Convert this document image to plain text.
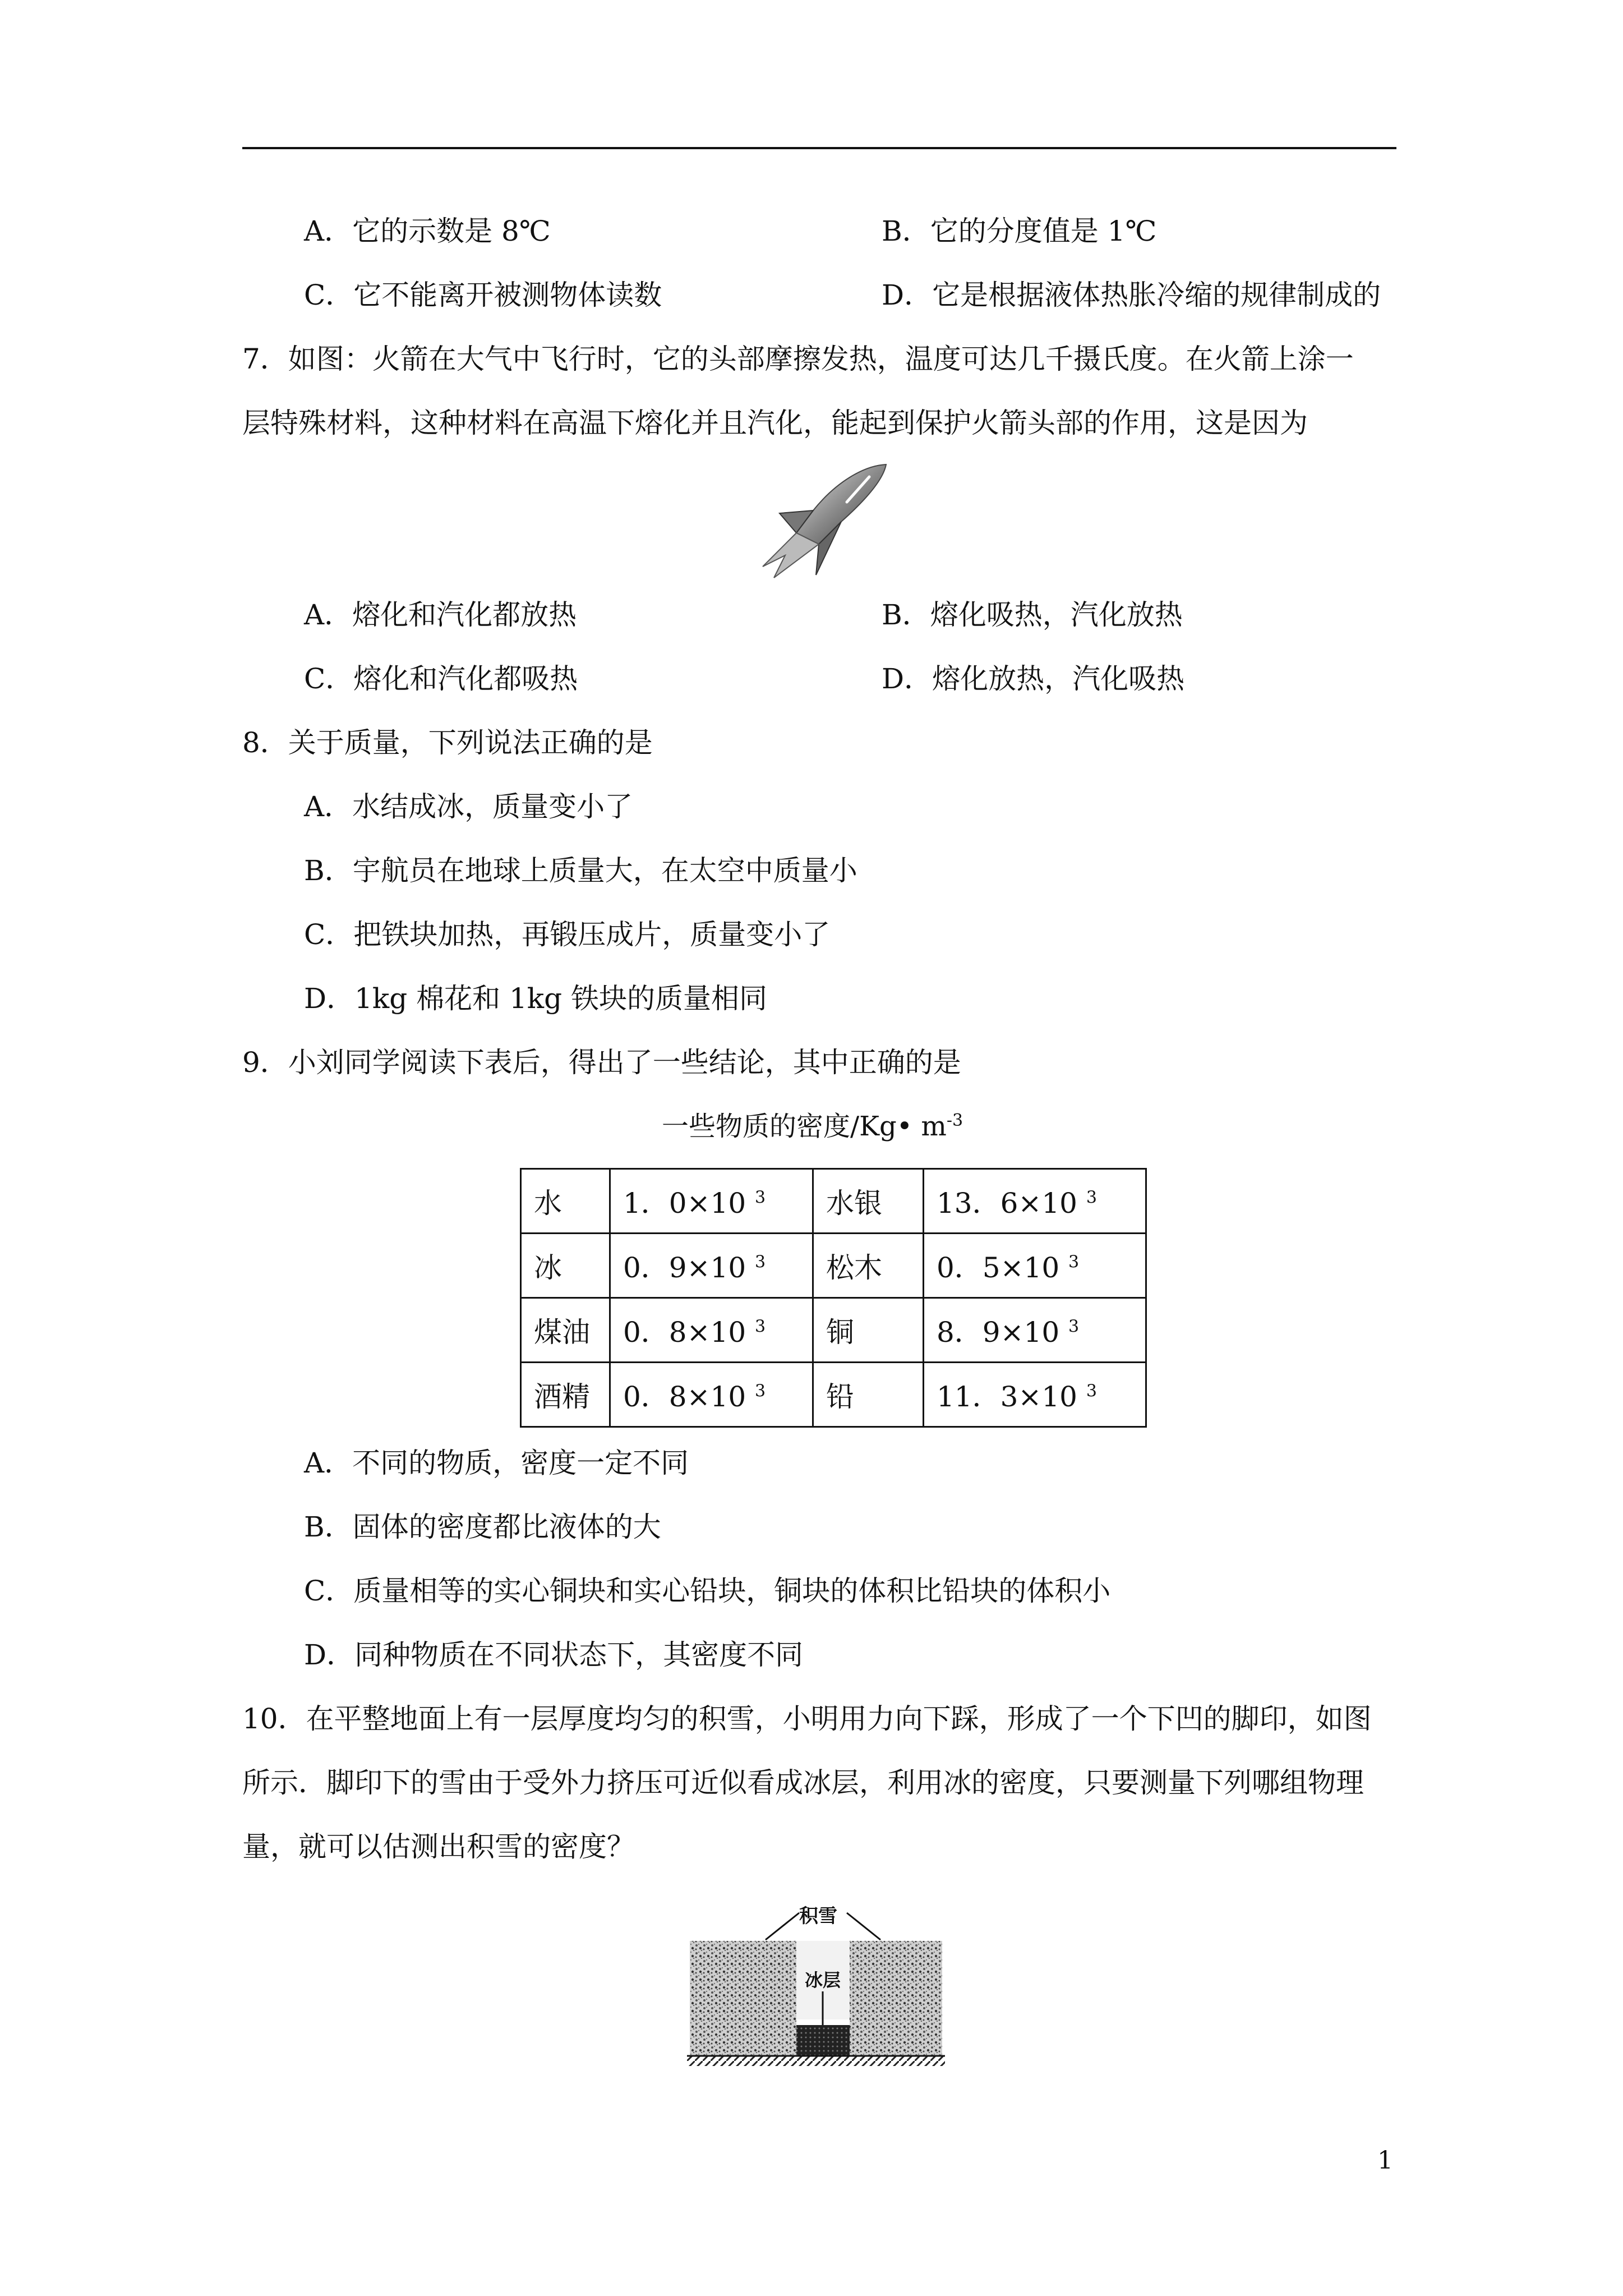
A．它的示数是 8℃	B．它的分度值是 1℃
C．它不能离开被测物体读数	D．它是根据液体热胀冷缩的规律制成的
7．如图：火箭在大气中飞行时，它的头部摩擦发热，温度可达几千摄氏度。在火箭上涂一
层特殊材料，这种材料在高温下熔化并且汽化，能起到保护火箭头部的作用，这是因为
A．熔化和汽化都放热	B．熔化吸热，汽化放热
C．熔化和汽化都吸热	D．熔化放热，汽化吸热
8．关于质量，下列说法正确的是
A．水结成冰，质量变小了
B．宇航员在地球上质量大，在太空中质量小
C．把铁块加热，再锻压成片，质量变小了
D．1kg 棉花和 1kg 铁块的质量相同
9．小刘同学阅读下表后，得出了一些结论，其中正确的是
一些物质的密度/Kg• $m^{-3}$
水	1．0×10 $^3$	水银	13．6×10 $^3$
冰	0．9×10 $^3$	松木	0．5×10 $^3$
煤油	0．8×10 $^3$	铜	8．9×10 $^3$
酒精	0．8×10 $^3$	铅	11．3×10 $^3$
A．不同的物质，密度一定不同
B．固体的密度都比液体的大
C．质量相等的实心铜块和实心铅块，铜块的体积比铅块的体积小
D．同种物质在不同状态下，其密度不同
10．在平整地面上有一层厚度均匀的积雪，小明用力向下踩，形成了一个下凹的脚印，如图
所示．脚印下的雪由于受外力挤压可近似看成冰层，利用冰的密度，只要测量下列哪组物理
量，就可以估测出积雪的密度？
积雪
冰层
1
